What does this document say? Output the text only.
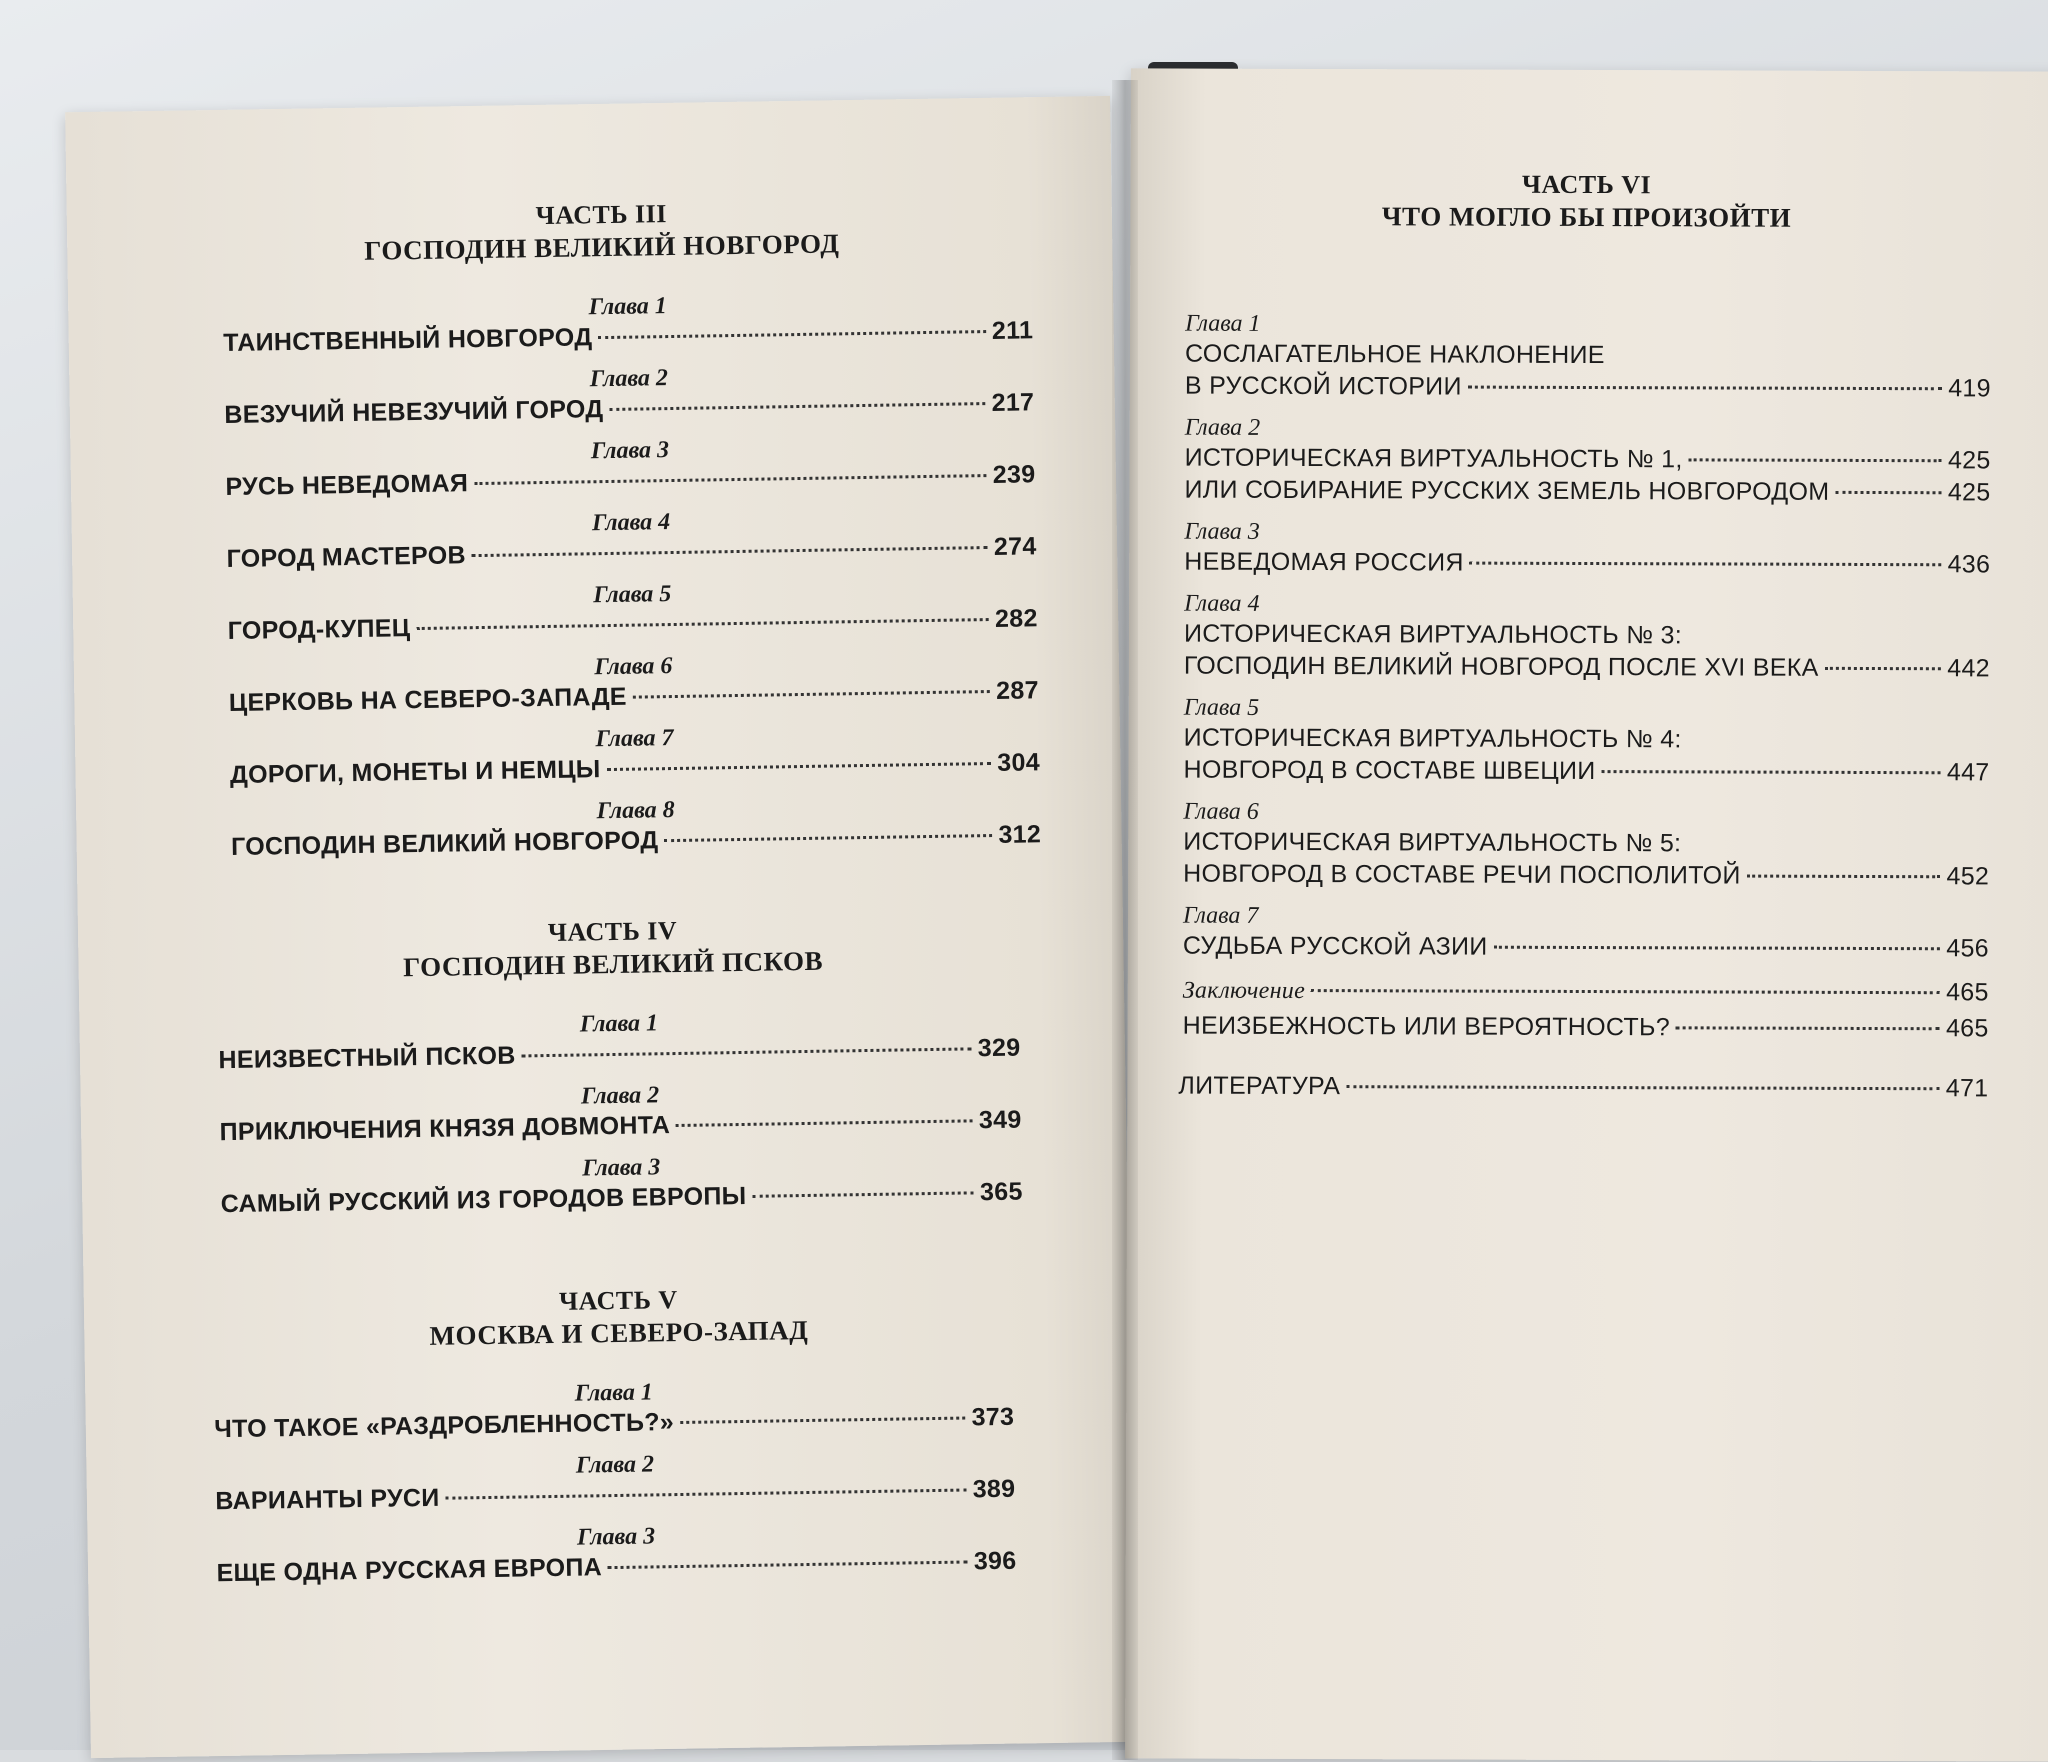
ЧАСТЬ III
ГОСПОДИН ВЕЛИКИЙ НОВГОРОД
Глава 1
ТАИНСТВЕННЫЙ НОВГОРОД	211
Глава 2
ВЕЗУЧИЙ НЕВЕЗУЧИЙ ГОРОД	217
Глава 3
РУСЬ НЕВЕДОМАЯ	239
Глава 4
ГОРОД МАСТЕРОВ	274
Глава 5
ГОРОД-КУПЕЦ	282
Глава 6
ЦЕРКОВЬ НА СЕВЕРО-ЗАПАДЕ	287
Глава 7
ДОРОГИ, МОНЕТЫ И НЕМЦЫ	304
Глава 8
ГОСПОДИН ВЕЛИКИЙ НОВГОРОД	312
ЧАСТЬ IV
ГОСПОДИН ВЕЛИКИЙ ПСКОВ
Глава 1
НЕИЗВЕСТНЫЙ ПСКОВ	329
Глава 2
ПРИКЛЮЧЕНИЯ КНЯЗЯ ДОВМОНТА	349
Глава 3
САМЫЙ РУССКИЙ ИЗ ГОРОДОВ ЕВРОПЫ	365
ЧАСТЬ V
МОСКВА И СЕВЕРО-ЗАПАД
Глава 1
ЧТО ТАКОЕ «РАЗДРОБЛЕННОСТЬ?»	373
Глава 2
ВАРИАНТЫ РУСИ	389
Глава 3
ЕЩЕ ОДНА РУССКАЯ ЕВРОПА	396
ЧАСТЬ VI
ЧТО МОГЛО БЫ ПРОИЗОЙТИ
Глава 1
СОСЛАГАТЕЛЬНОЕ НАКЛОНЕНИЕ
В РУССКОЙ ИСТОРИИ	419
Глава 2
ИСТОРИЧЕСКАЯ ВИРТУАЛЬНОСТЬ № 1,	425
ИЛИ СОБИРАНИЕ РУССКИХ ЗЕМЕЛЬ НОВГОРОДОМ	425
Глава 3
НЕВЕДОМАЯ РОССИЯ	436
Глава 4
ИСТОРИЧЕСКАЯ ВИРТУАЛЬНОСТЬ № 3:
ГОСПОДИН ВЕЛИКИЙ НОВГОРОД ПОСЛЕ XVI ВЕКА	442
Глава 5
ИСТОРИЧЕСКАЯ ВИРТУАЛЬНОСТЬ № 4:
НОВГОРОД В СОСТАВЕ ШВЕЦИИ	447
Глава 6
ИСТОРИЧЕСКАЯ ВИРТУАЛЬНОСТЬ № 5:
НОВГОРОД В СОСТАВЕ РЕЧИ ПОСПОЛИТОЙ	452
Глава 7
СУДЬБА РУССКОЙ АЗИИ	456
Заключение	465
НЕИЗБЕЖНОСТЬ ИЛИ ВЕРОЯТНОСТЬ?	465
ЛИТЕРАТУРА	471
